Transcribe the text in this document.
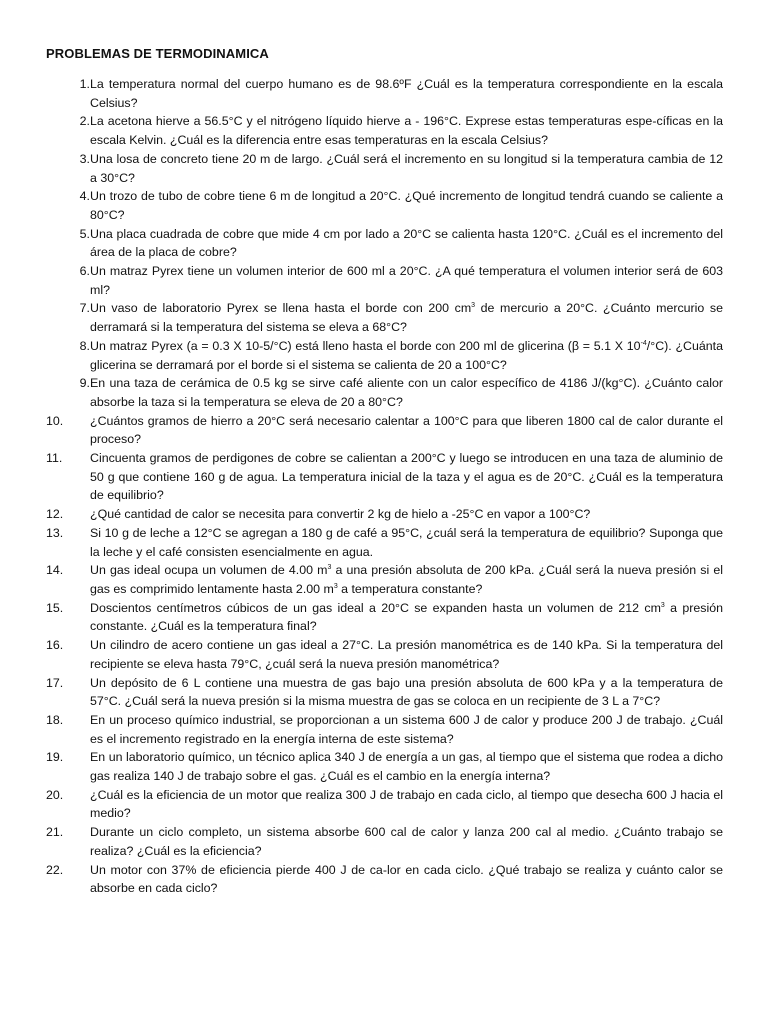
PROBLEMAS DE TERMODINAMICA
1. La temperatura normal del cuerpo humano es de 98.6ºF ¿Cuál es la temperatura correspondiente en la escala Celsius?
2. La acetona hierve a 56.5°C y el nitrógeno líquido hierve a - 196°C. Exprese estas temperaturas espe-cíficas en la escala Kelvin. ¿Cuál es la diferencia entre esas temperaturas en la escala Celsius?
3. Una losa de concreto tiene 20 m de largo. ¿Cuál será el incremento en su longitud si la temperatura cambia de 12 a 30°C?
4. Un trozo de tubo de cobre tiene 6 m de longitud a 20°C. ¿Qué incremento de longitud tendrá cuando se caliente a 80°C?
5. Una placa cuadrada de cobre que mide 4 cm por lado a 20°C se calienta hasta 120°C. ¿Cuál es el incremento del área de la placa de cobre?
6. Un matraz Pyrex tiene un volumen interior de 600 ml a 20°C. ¿A qué temperatura el volumen interior será de 603 ml?
7. Un vaso de laboratorio Pyrex se llena hasta el borde con 200 $cm^3$ de mercurio a 20°C. ¿Cuánto mercurio se derramará si la temperatura del sistema se eleva a 68°C?
8. Un matraz Pyrex (a = 0.3 X 10-5/°C) está lleno hasta el borde con 200 ml de glicerina (β = 5.1 X $10^{-4}/^\circ C$). ¿Cuánta glicerina se derramará por el borde si el sistema se calienta de 20 a 100°C?
9. En una taza de cerámica de 0.5 kg se sirve café aliente con un calor específico de 4186 J/(kg°C). ¿Cuánto calor absorbe la taza si la temperatura se eleva de 20 a 80°C?
10.	¿Cuántos gramos de hierro a 20°C será necesario calentar a 100°C para que liberen 1800 cal de calor durante el proceso?
11.	Cincuenta gramos de perdigones de cobre se calientan a 200°C y luego se introducen en una taza de aluminio de 50 g que contiene 160 g de agua. La temperatura inicial de la taza y el agua es de 20°C. ¿Cuál es la temperatura de equilibrio?
12.	¿Qué cantidad de calor se necesita para convertir 2 kg de hielo a -25°C en vapor a 100°C?
13.	Si 10 g de leche a 12°C se agregan a 180 g de café a 95°C, ¿cuál será la temperatura de equilibrio? Suponga que la leche y el café consisten esencialmente en agua.
14.	Un gas ideal ocupa un volumen de 4.00 $m^3$ a una presión absoluta de 200 kPa. ¿Cuál será la nueva presión si el gas es comprimido lentamente hasta 2.00 $m^3$ a temperatura constante?
15.	Doscientos centímetros cúbicos de un gas ideal a 20°C se expanden hasta un volumen de 212 $cm^3$ a presión constante. ¿Cuál es la temperatura final?
16.	Un cilindro de acero contiene un gas ideal a 27°C. La presión manométrica es de 140 kPa. Si la temperatura del recipiente se eleva hasta 79°C, ¿cuál será la nueva presión manométrica?
17.	Un depósito de 6 L contiene una muestra de gas bajo una presión absoluta de 600 kPa y a la temperatura de 57°C. ¿Cuál será la nueva presión si la misma muestra de gas se coloca en un recipiente de 3 L a 7°C?
18.	En un proceso químico industrial, se proporcionan a un sistema 600 J de calor y produce 200 J de trabajo. ¿Cuál es el incremento registrado en la energía interna de este sistema?
19.	En un laboratorio químico, un técnico aplica 340 J de energía a un gas, al tiempo que el sistema que rodea a dicho gas realiza 140 J de trabajo sobre el gas. ¿Cuál es el cambio en la energía interna?
20.	¿Cuál es la eficiencia de un motor que realiza 300 J de trabajo en cada ciclo, al tiempo que desecha 600 J hacia el medio?
21.	Durante un ciclo completo, un sistema absorbe 600 cal de calor y lanza 200 cal al medio. ¿Cuánto trabajo se realiza? ¿Cuál es la eficiencia?
22.	Un motor con 37% de eficiencia pierde 400 J de ca-lor en cada ciclo. ¿Qué trabajo se realiza y cuánto calor se absorbe en cada ciclo?
